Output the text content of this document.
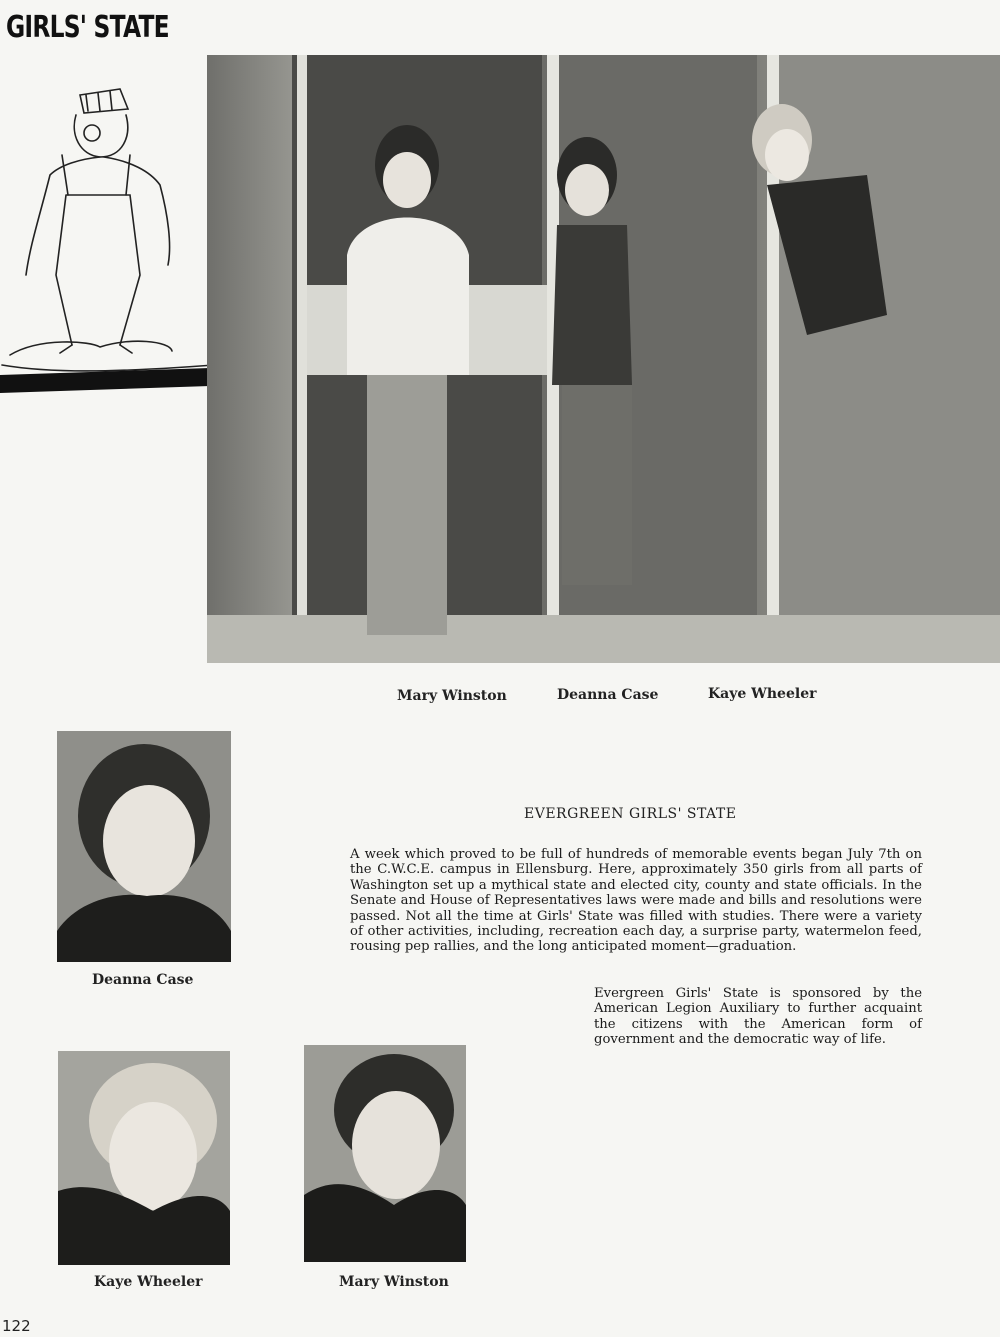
GIRLS' STATE
Mary Winston	Deanna Case	Kaye Wheeler
Deanna Case
EVERGREEN GIRLS' STATE
A week which proved to be full of hundreds of memorable events began July 7th on the C.W.C.E. campus in Ellensburg. Here, approximately 350 girls from all parts of Washington set up a mythical state and elected city, county and state officials. In the Senate and House of Representatives laws were made and bills and resolutions were passed. Not all the time at Girls' State was filled with studies. There were a variety of other activities, including, recreation each day, a surprise party, watermelon feed, rousing pep rallies, and the long anticipated moment—graduation.
Evergreen Girls' State is sponsored by the American Legion Auxiliary to further acquaint the citizens with the American form of government and the democratic way of life.
Kaye Wheeler	Mary Winston
122
